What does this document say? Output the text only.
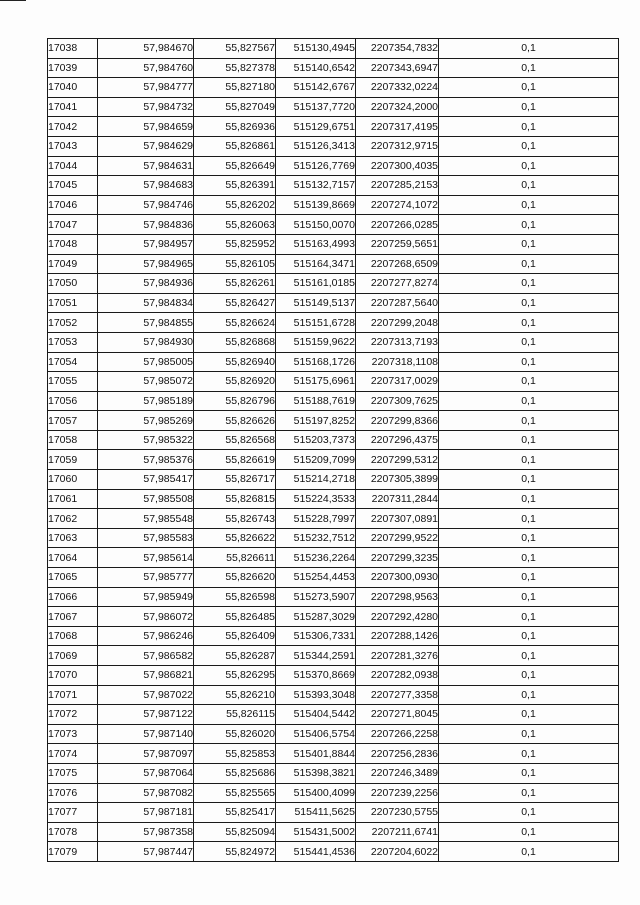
17038	57,984670	55,827567	515130,4945	2207354,7832	0,1
17039	57,984760	55,827378	515140,6542	2207343,6947	0,1
17040	57,984777	55,827180	515142,6767	2207332,0224	0,1
17041	57,984732	55,827049	515137,7720	2207324,2000	0,1
17042	57,984659	55,826936	515129,6751	2207317,4195	0,1
17043	57,984629	55,826861	515126,3413	2207312,9715	0,1
17044	57,984631	55,826649	515126,7769	2207300,4035	0,1
17045	57,984683	55,826391	515132,7157	2207285,2153	0,1
17046	57,984746	55,826202	515139,8669	2207274,1072	0,1
17047	57,984836	55,826063	515150,0070	2207266,0285	0,1
17048	57,984957	55,825952	515163,4993	2207259,5651	0,1
17049	57,984965	55,826105	515164,3471	2207268,6509	0,1
17050	57,984936	55,826261	515161,0185	2207277,8274	0,1
17051	57,984834	55,826427	515149,5137	2207287,5640	0,1
17052	57,984855	55,826624	515151,6728	2207299,2048	0,1
17053	57,984930	55,826868	515159,9622	2207313,7193	0,1
17054	57,985005	55,826940	515168,1726	2207318,1108	0,1
17055	57,985072	55,826920	515175,6961	2207317,0029	0,1
17056	57,985189	55,826796	515188,7619	2207309,7625	0,1
17057	57,985269	55,826626	515197,8252	2207299,8366	0,1
17058	57,985322	55,826568	515203,7373	2207296,4375	0,1
17059	57,985376	55,826619	515209,7099	2207299,5312	0,1
17060	57,985417	55,826717	515214,2718	2207305,3899	0,1
17061	57,985508	55,826815	515224,3533	2207311,2844	0,1
17062	57,985548	55,826743	515228,7997	2207307,0891	0,1
17063	57,985583	55,826622	515232,7512	2207299,9522	0,1
17064	57,985614	55,826611	515236,2264	2207299,3235	0,1
17065	57,985777	55,826620	515254,4453	2207300,0930	0,1
17066	57,985949	55,826598	515273,5907	2207298,9563	0,1
17067	57,986072	55,826485	515287,3029	2207292,4280	0,1
17068	57,986246	55,826409	515306,7331	2207288,1426	0,1
17069	57,986582	55,826287	515344,2591	2207281,3276	0,1
17070	57,986821	55,826295	515370,8669	2207282,0938	0,1
17071	57,987022	55,826210	515393,3048	2207277,3358	0,1
17072	57,987122	55,826115	515404,5442	2207271,8045	0,1
17073	57,987140	55,826020	515406,5754	2207266,2258	0,1
17074	57,987097	55,825853	515401,8844	2207256,2836	0,1
17075	57,987064	55,825686	515398,3821	2207246,3489	0,1
17076	57,987082	55,825565	515400,4099	2207239,2256	0,1
17077	57,987181	55,825417	515411,5625	2207230,5755	0,1
17078	57,987358	55,825094	515431,5002	2207211,6741	0,1
17079	57,987447	55,824972	515441,4536	2207204,6022	0,1
